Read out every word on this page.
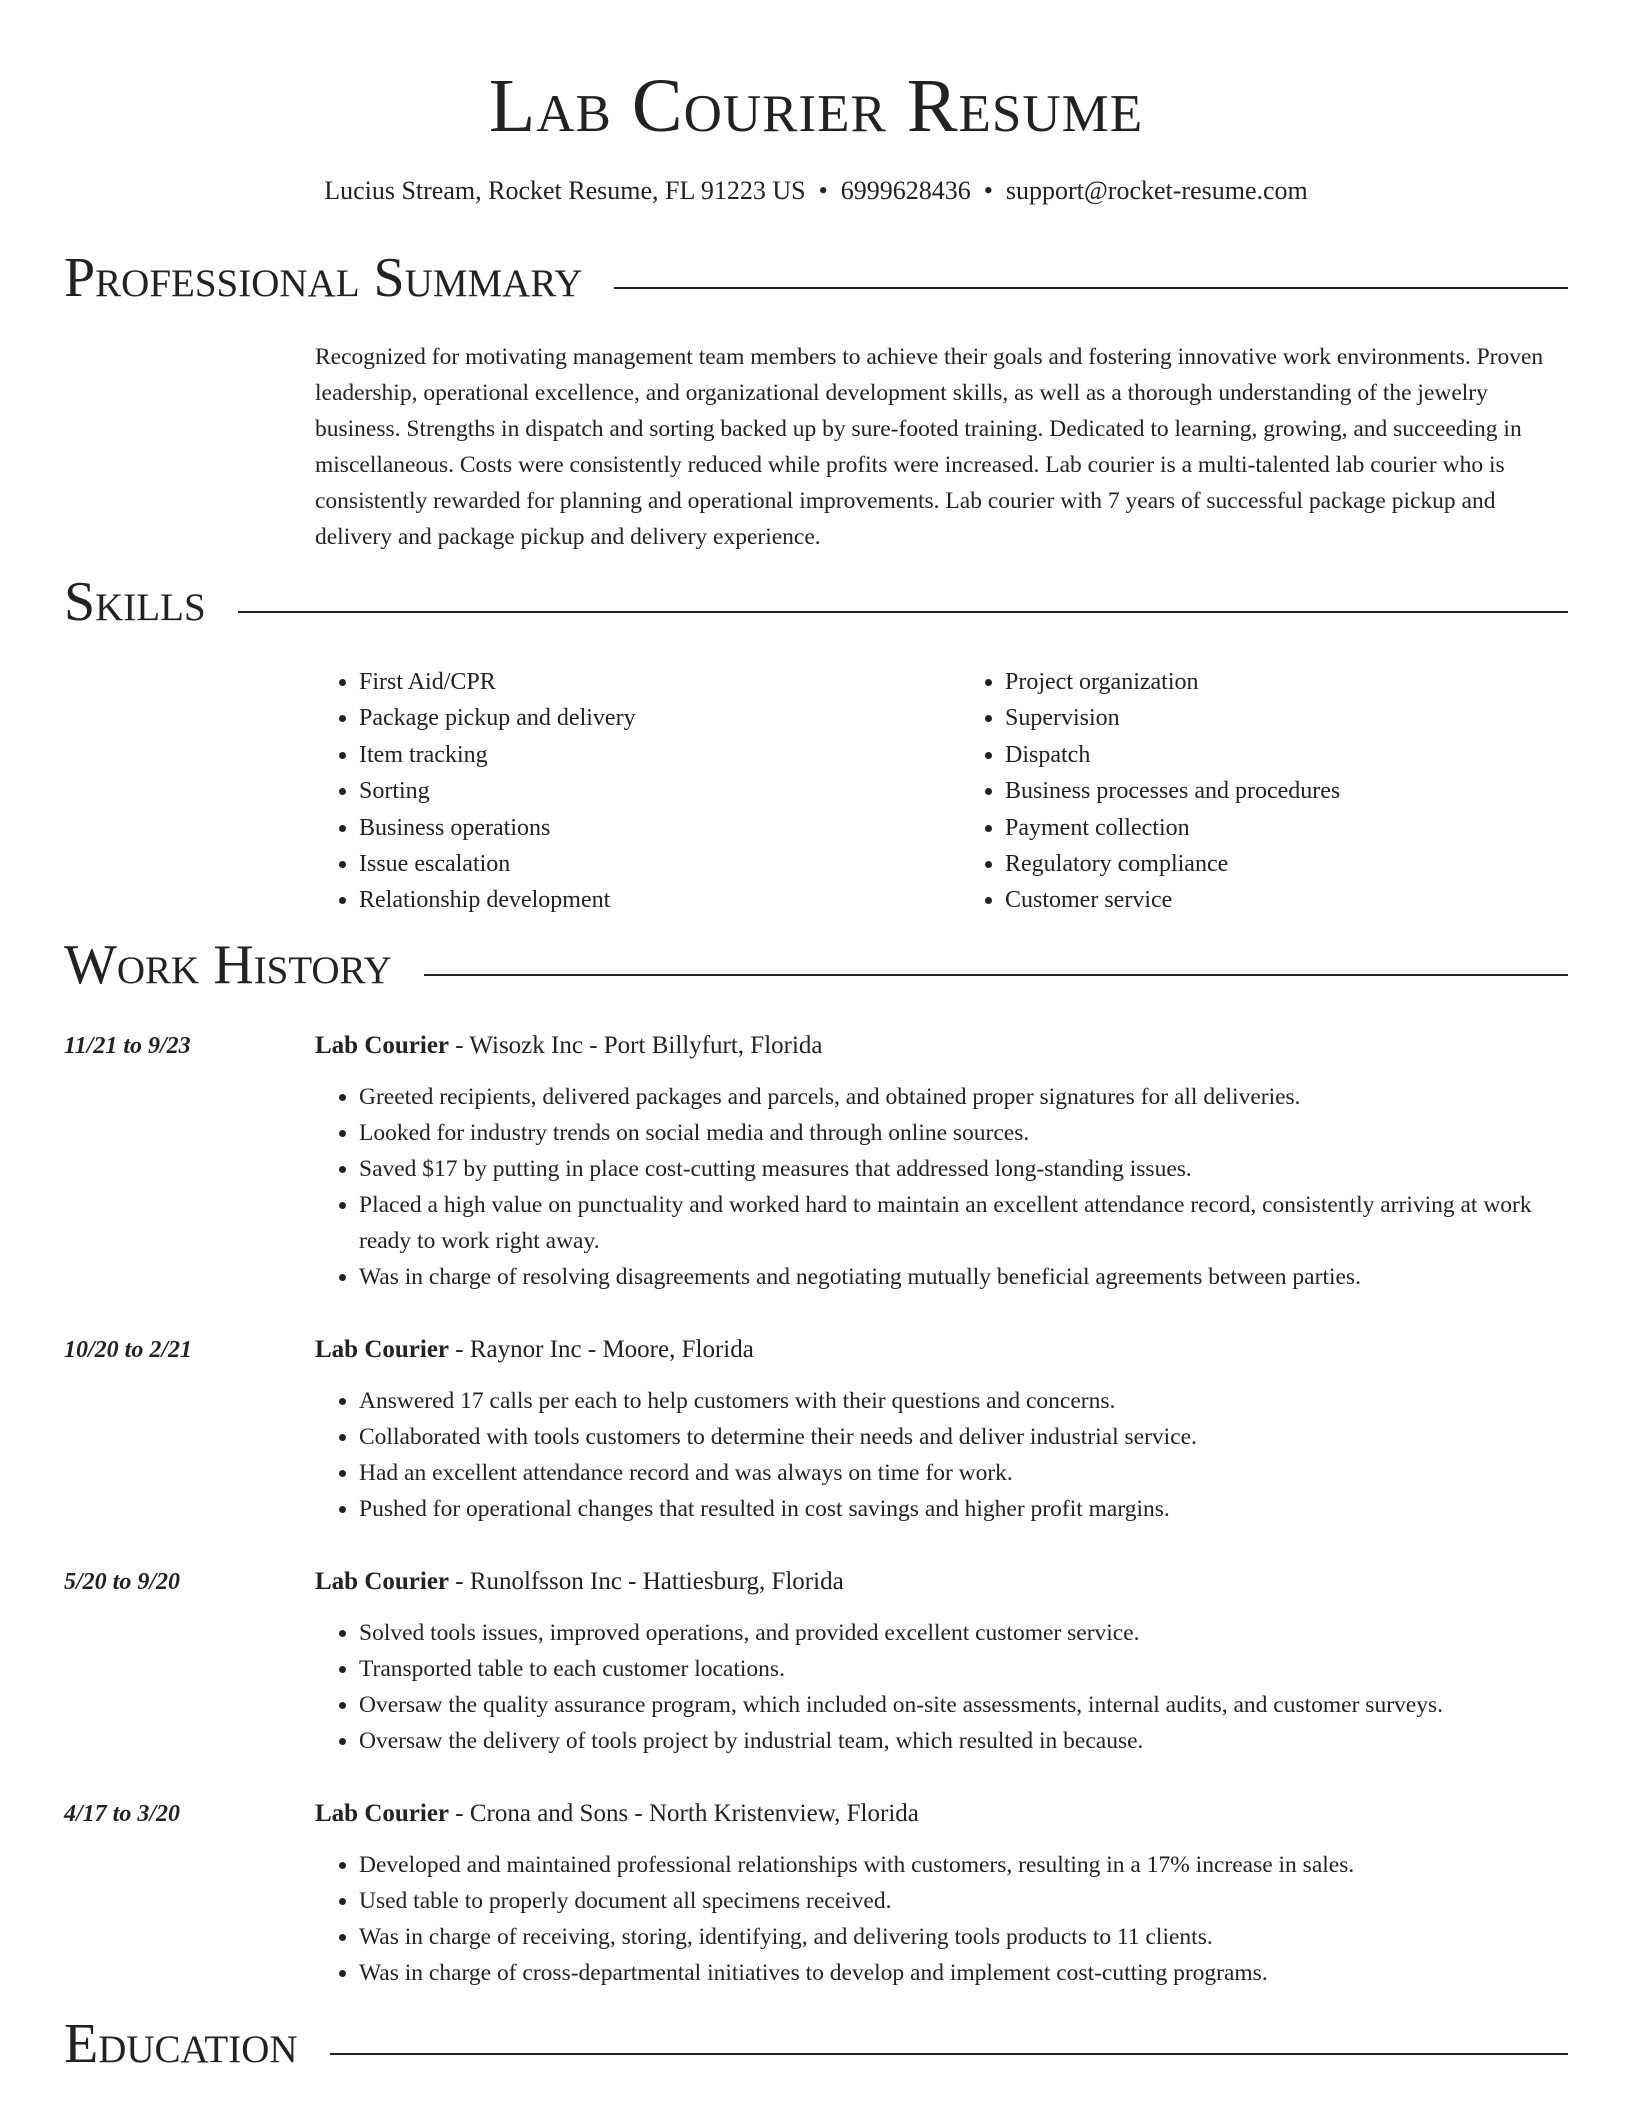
Lab Courier Resume
Lucius Stream, Rocket Resume, FL 91223 US • 6999628436 • support@rocket-resume.com
Professional Summary
Recognized for motivating management team members to achieve their goals and fostering innovative work environments. Proven leadership, operational excellence, and organizational development skills, as well as a thorough understanding of the jewelry business. Strengths in dispatch and sorting backed up by sure-footed training. Dedicated to learning, growing, and succeeding in miscellaneous. Costs were consistently reduced while profits were increased. Lab courier is a multi-talented lab courier who is consistently rewarded for planning and operational improvements. Lab courier with 7 years of successful package pickup and delivery and package pickup and delivery experience.
Skills
• First Aid/CPR
• Package pickup and delivery
• Item tracking
• Sorting
• Business operations
• Issue escalation
• Relationship development
• Project organization
• Supervision
• Dispatch
• Business processes and procedures
• Payment collection
• Regulatory compliance
• Customer service
Work History
11/21 to 9/23	Lab Courier - Wisozk Inc - Port Billyfurt, Florida
• Greeted recipients, delivered packages and parcels, and obtained proper signatures for all deliveries.
• Looked for industry trends on social media and through online sources.
• Saved $17 by putting in place cost-cutting measures that addressed long-standing issues.
• Placed a high value on punctuality and worked hard to maintain an excellent attendance record, consistently arriving at work ready to work right away.
• Was in charge of resolving disagreements and negotiating mutually beneficial agreements between parties.
10/20 to 2/21	Lab Courier - Raynor Inc - Moore, Florida
• Answered 17 calls per each to help customers with their questions and concerns.
• Collaborated with tools customers to determine their needs and deliver industrial service.
• Had an excellent attendance record and was always on time for work.
• Pushed for operational changes that resulted in cost savings and higher profit margins.
5/20 to 9/20	Lab Courier - Runolfsson Inc - Hattiesburg, Florida
• Solved tools issues, improved operations, and provided excellent customer service.
• Transported table to each customer locations.
• Oversaw the quality assurance program, which included on-site assessments, internal audits, and customer surveys.
• Oversaw the delivery of tools project by industrial team, which resulted in because.
4/17 to 3/20	Lab Courier - Crona and Sons - North Kristenview, Florida
• Developed and maintained professional relationships with customers, resulting in a 17% increase in sales.
• Used table to properly document all specimens received.
• Was in charge of receiving, storing, identifying, and delivering tools products to 11 clients.
• Was in charge of cross-departmental initiatives to develop and implement cost-cutting programs.
Education
